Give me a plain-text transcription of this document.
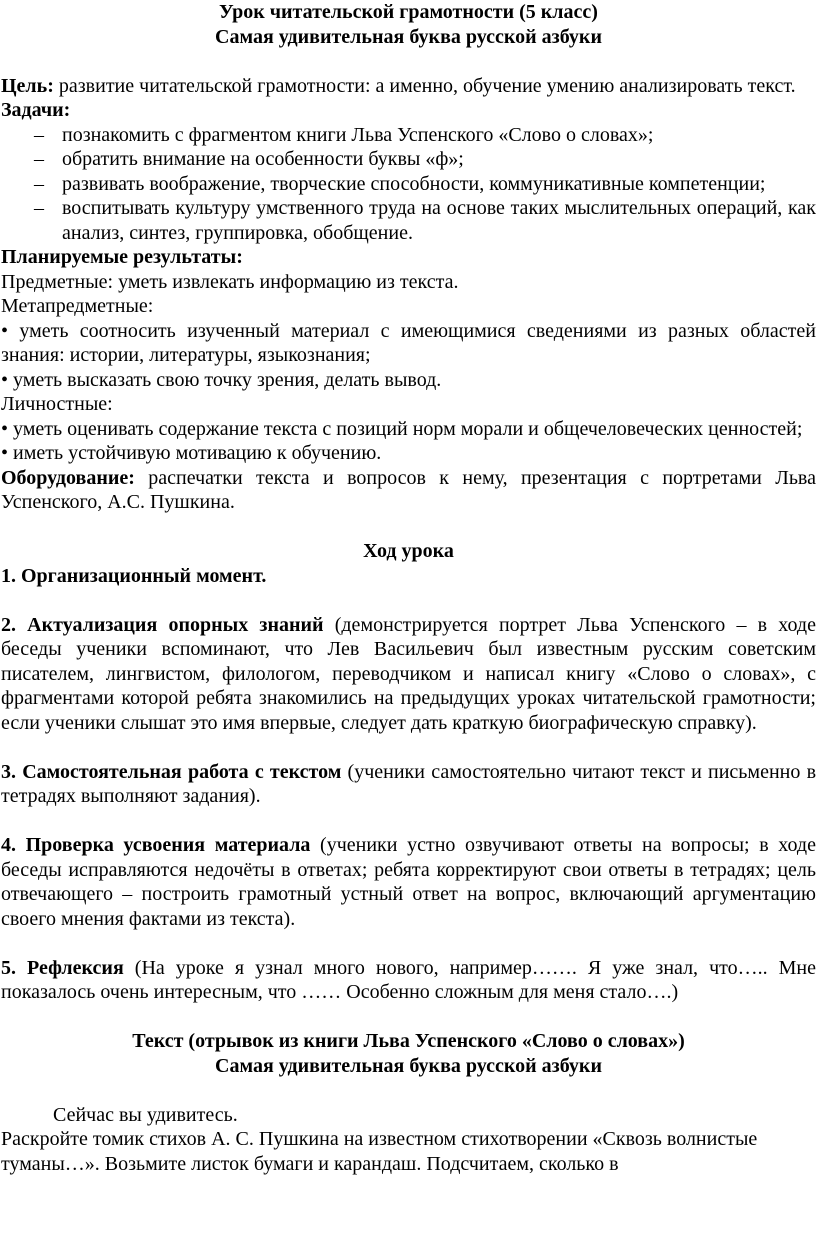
Урок читательской грамотности (5 класс)

Самая удивительная буква русской азбуки

Цель: развитие читательской грамотности: а именно, обучение умению анализировать текст.

Задачи:

– познакомить с фрагментом книги Льва Успенского «Слово о словах»;
– обратить внимание на особенности буквы «ф»;
– развивать воображение, творческие способности, коммуникативные компетенции;
– воспитывать культуру умственного труда на основе таких мыслительных операций, как анализ, синтез, группировка, обобщение.

Планируемые результаты:

Предметные: уметь извлекать информацию из текста.

Метапредметные:

• уметь соотносить изученный материал с имеющимися сведениями из разных областей знания: истории, литературы, языкознания;

• уметь высказать свою точку зрения, делать вывод.

Личностные:

• уметь оценивать содержание текста с позиций норм морали и общечеловеческих ценностей;

• иметь устойчивую мотивацию к обучению.

Оборудование: распечатки текста и вопросов к нему, презентация с портретами Льва Успенского, А.С. Пушкина.

Ход урока

1. Организационный момент.

2. Актуализация опорных знаний (демонстрируется портрет Льва Успенского – в ходе беседы ученики вспоминают, что Лев Васильевич был известным русским советским писателем, лингвистом, филологом, переводчиком и написал книгу «Слово о словах», с фрагментами которой ребята знакомились на предыдущих уроках читательской грамотности; если ученики слышат это имя впервые, следует дать краткую биографическую справку).

3. Самостоятельная работа с текстом (ученики самостоятельно читают текст и письменно в тетрадях выполняют задания).

4. Проверка усвоения материала (ученики устно озвучивают ответы на вопросы; в ходе беседы исправляются недочёты в ответах; ребята корректируют свои ответы в тетрадях; цель отвечающего – построить грамотный устный ответ на вопрос, включающий аргументацию своего мнения фактами из текста).

5. Рефлексия (На уроке я узнал много нового, например……. Я уже знал, что….. Мне показалось очень интересным, что …… Особенно сложным для меня стало….)

Текст (отрывок из книги Льва Успенского «Слово о словах»)

Самая удивительная буква русской азбуки

Сейчас вы удивитесь.

Раскройте томик стихов А. С. Пушкина на известном стихотворении «Сквозь волнистые

туманы…». Возьмите листок бумаги и карандаш. Подсчитаем, сколько в
